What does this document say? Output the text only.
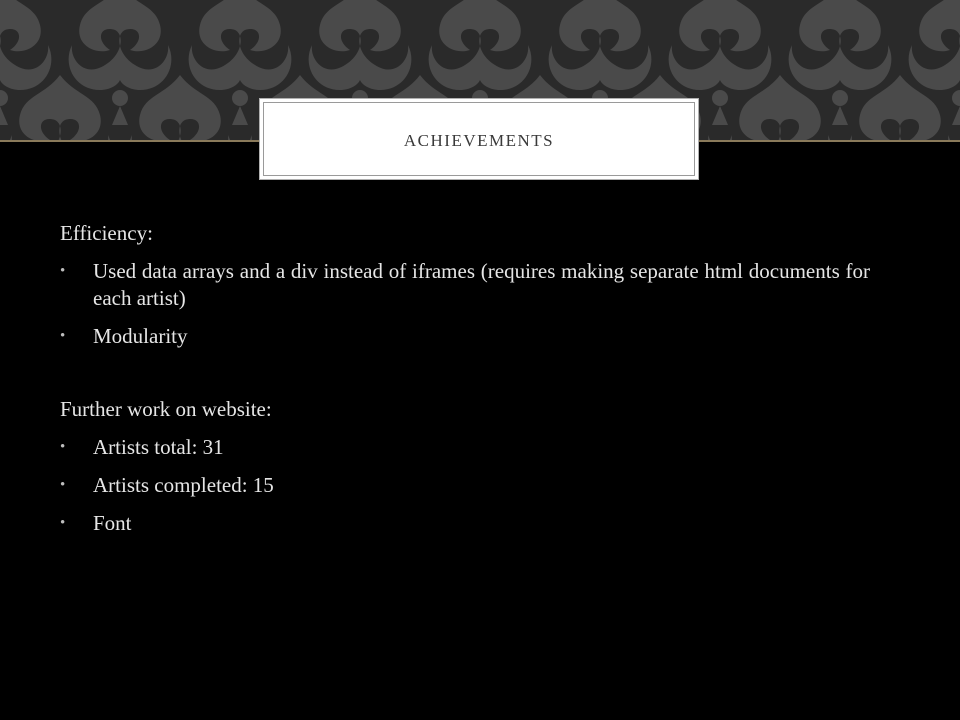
ACHIEVEMENTS

Efficiency:

• Used data arrays and a div instead of iframes (requires making separate html documents for each artist)
• Modularity

Further work on website:

• Artists total: 31
• Artists completed: 15
• Font
